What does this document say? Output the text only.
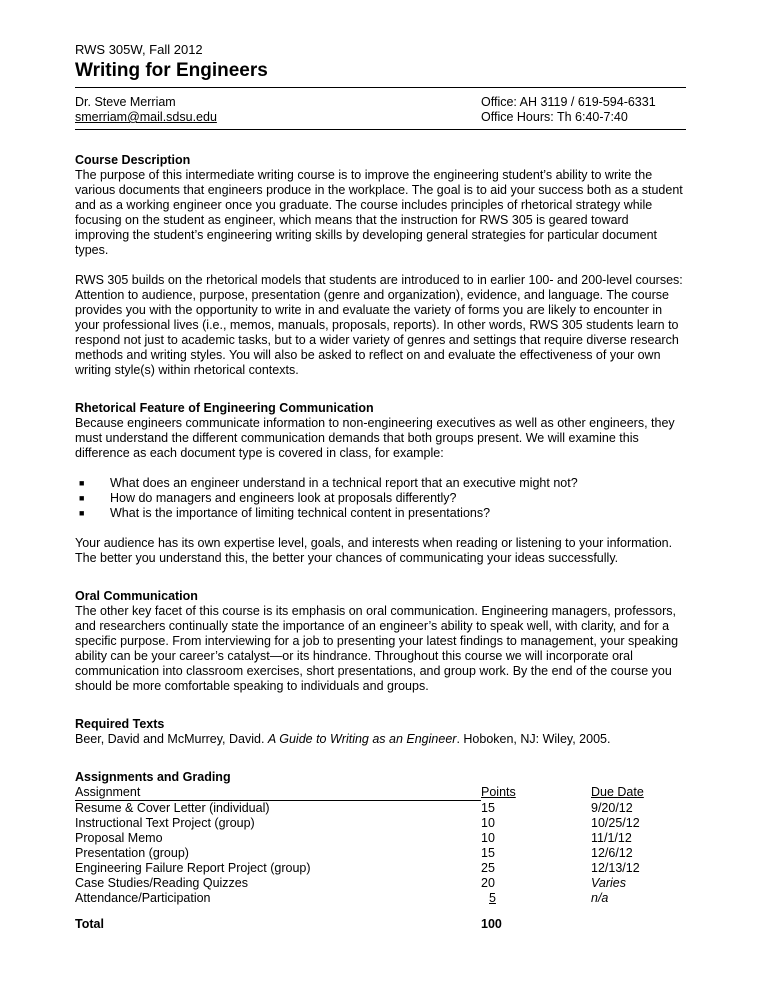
RWS 305W, Fall 2012
Writing for Engineers
Dr. Steve Merriam
smerriam@mail.sdsu.edu
Office: AH 3119 / 619-594-6331
Office Hours: Th 6:40-7:40
Course Description

The purpose of this intermediate writing course is to improve the engineering student’s ability to write the various documents that engineers produce in the workplace. The goal is to aid your success both as a student and as a working engineer once you graduate. The course includes principles of rhetorical strategy while focusing on the student as engineer, which means that the instruction for RWS 305 is geared toward improving the student’s engineering writing skills by developing general strategies for particular document types.

RWS 305 builds on the rhetorical models that students are introduced to in earlier 100- and 200-level courses: Attention to audience, purpose, presentation (genre and organization), evidence, and language. The course provides you with the opportunity to write in and evaluate the variety of forms you are likely to encounter in your professional lives (i.e., memos, manuals, proposals, reports). In other words, RWS 305 students learn to respond not just to academic tasks, but to a wider variety of genres and settings that require diverse research methods and writing styles. You will also be asked to reflect on and evaluate the effectiveness of your own writing style(s) within rhetorical contexts.

Rhetorical Feature of Engineering Communication

Because engineers communicate information to non-engineering executives as well as other engineers, they must understand the different communication demands that both groups present. We will examine this difference as each document type is covered in class, for example:

■ What does an engineer understand in a technical report that an executive might not?
■ How do managers and engineers look at proposals differently?
■ What is the importance of limiting technical content in presentations?

Your audience has its own expertise level, goals, and interests when reading or listening to your information. The better you understand this, the better your chances of communicating your ideas successfully.

Oral Communication

The other key facet of this course is its emphasis on oral communication. Engineering managers, professors, and researchers continually state the importance of an engineer’s ability to speak well, with clarity, and for a specific purpose. From interviewing for a job to presenting your latest findings to management, your speaking ability can be your career’s catalyst—or its hindrance. Throughout this course we will incorporate oral communication into classroom exercises, short presentations, and group work. By the end of the course you should be more comfortable speaking to individuals and groups.

Required Texts

Beer, David and McMurrey, David. A Guide to Writing as an Engineer. Hoboken, NJ: Wiley, 2005.

Assignments and Grading
Assignment	Points	Due Date
Resume & Cover Letter (individual)	15	9/20/12
Instructional Text Project (group)	10	10/25/12
Proposal Memo	10	11/1/12
Presentation (group)	15	12/6/12
Engineering Failure Report Project (group)	25	12/13/12
Case Studies/Reading Quizzes	20	Varies
Attendance/Participation	5	n/a
Total	100	
